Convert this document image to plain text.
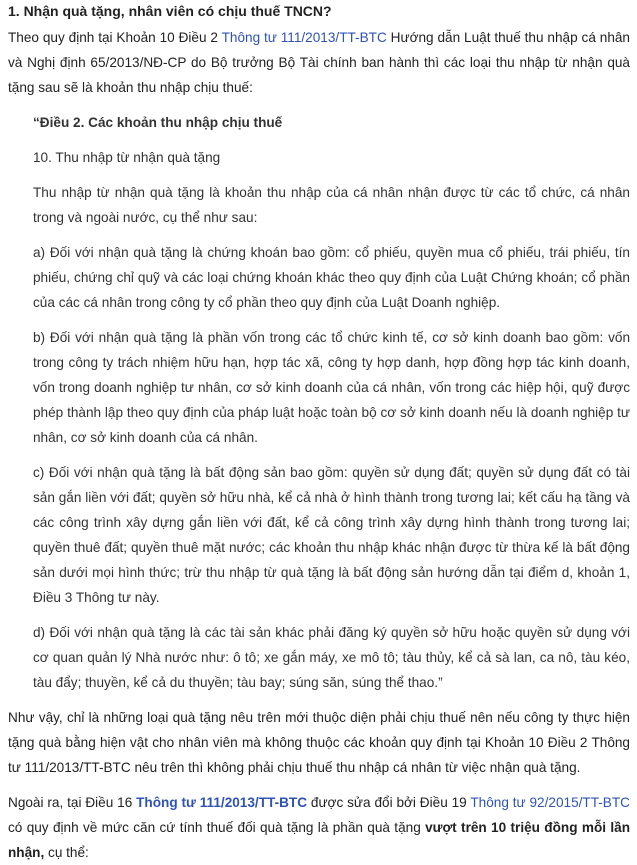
1. Nhận quà tặng, nhân viên có chịu thuế TNCN?

Theo quy định tại Khoản 10 Điều 2 Thông tư 111/2013/TT-BTC Hướng dẫn Luật thuế thu nhập cá nhân và Nghị định 65/2013/NĐ-CP do Bộ trưởng Bộ Tài chính ban hành thì các loại thu nhập từ nhận quà tặng sau sẽ là khoản thu nhập chịu thuế:

“Điều 2. Các khoản thu nhập chịu thuế

10. Thu nhập từ nhận quà tặng

Thu nhập từ nhận quà tặng là khoản thu nhập của cá nhân nhận được từ các tổ chức, cá nhân trong và ngoài nước, cụ thể như sau:

a) Đối với nhận quà tặng là chứng khoán bao gồm: cổ phiếu, quyền mua cổ phiếu, trái phiếu, tín phiếu, chứng chỉ quỹ và các loại chứng khoán khác theo quy định của Luật Chứng khoán; cổ phần của các cá nhân trong công ty cổ phần theo quy định của Luật Doanh nghiệp.

b) Đối với nhận quà tặng là phần vốn trong các tổ chức kinh tế, cơ sở kinh doanh bao gồm: vốn trong công ty trách nhiệm hữu hạn, hợp tác xã, công ty hợp danh, hợp đồng hợp tác kinh doanh, vốn trong doanh nghiệp tư nhân, cơ sở kinh doanh của cá nhân, vốn trong các hiệp hội, quỹ được phép thành lập theo quy định của pháp luật hoặc toàn bộ cơ sở kinh doanh nếu là doanh nghiệp tư nhân, cơ sở kinh doanh của cá nhân.

c) Đối với nhận quà tặng là bất động sản bao gồm: quyền sử dụng đất; quyền sử dụng đất có tài sản gắn liền với đất; quyền sở hữu nhà, kể cả nhà ở hình thành trong tương lai; kết cấu hạ tầng và các công trình xây dựng gắn liền với đất, kể cả công trình xây dựng hình thành trong tương lai; quyền thuê đất; quyền thuê mặt nước; các khoản thu nhập khác nhận được từ thừa kế là bất động sản dưới mọi hình thức; trừ thu nhập từ quà tặng là bất động sản hướng dẫn tại điểm d, khoản 1, Điều 3 Thông tư này.

d) Đối với nhận quà tặng là các tài sản khác phải đăng ký quyền sở hữu hoặc quyền sử dụng với cơ quan quản lý Nhà nước như: ô tô; xe gắn máy, xe mô tô; tàu thủy, kể cả sà lan, ca nô, tàu kéo, tàu đẩy; thuyền, kể cả du thuyền; tàu bay; súng săn, súng thể thao.”

Như vậy, chỉ là những loại quà tặng nêu trên mới thuộc diện phải chịu thuế nên nếu công ty thực hiện tặng quà bằng hiện vật cho nhân viên mà không thuộc các khoản quy định tại Khoản 10 Điều 2 Thông tư 111/2013/TT-BTC nêu trên thì không phải chịu thuế thu nhập cá nhân từ việc nhận quà tặng.

Ngoài ra, tại Điều 16 Thông tư 111/2013/TT-BTC được sửa đổi bởi Điều 19 Thông tư 92/2015/TT-BTC có quy định về mức căn cứ tính thuế đối quà tặng là phần quà tặng vượt trên 10 triệu đồng mỗi lần nhận, cụ thể:
